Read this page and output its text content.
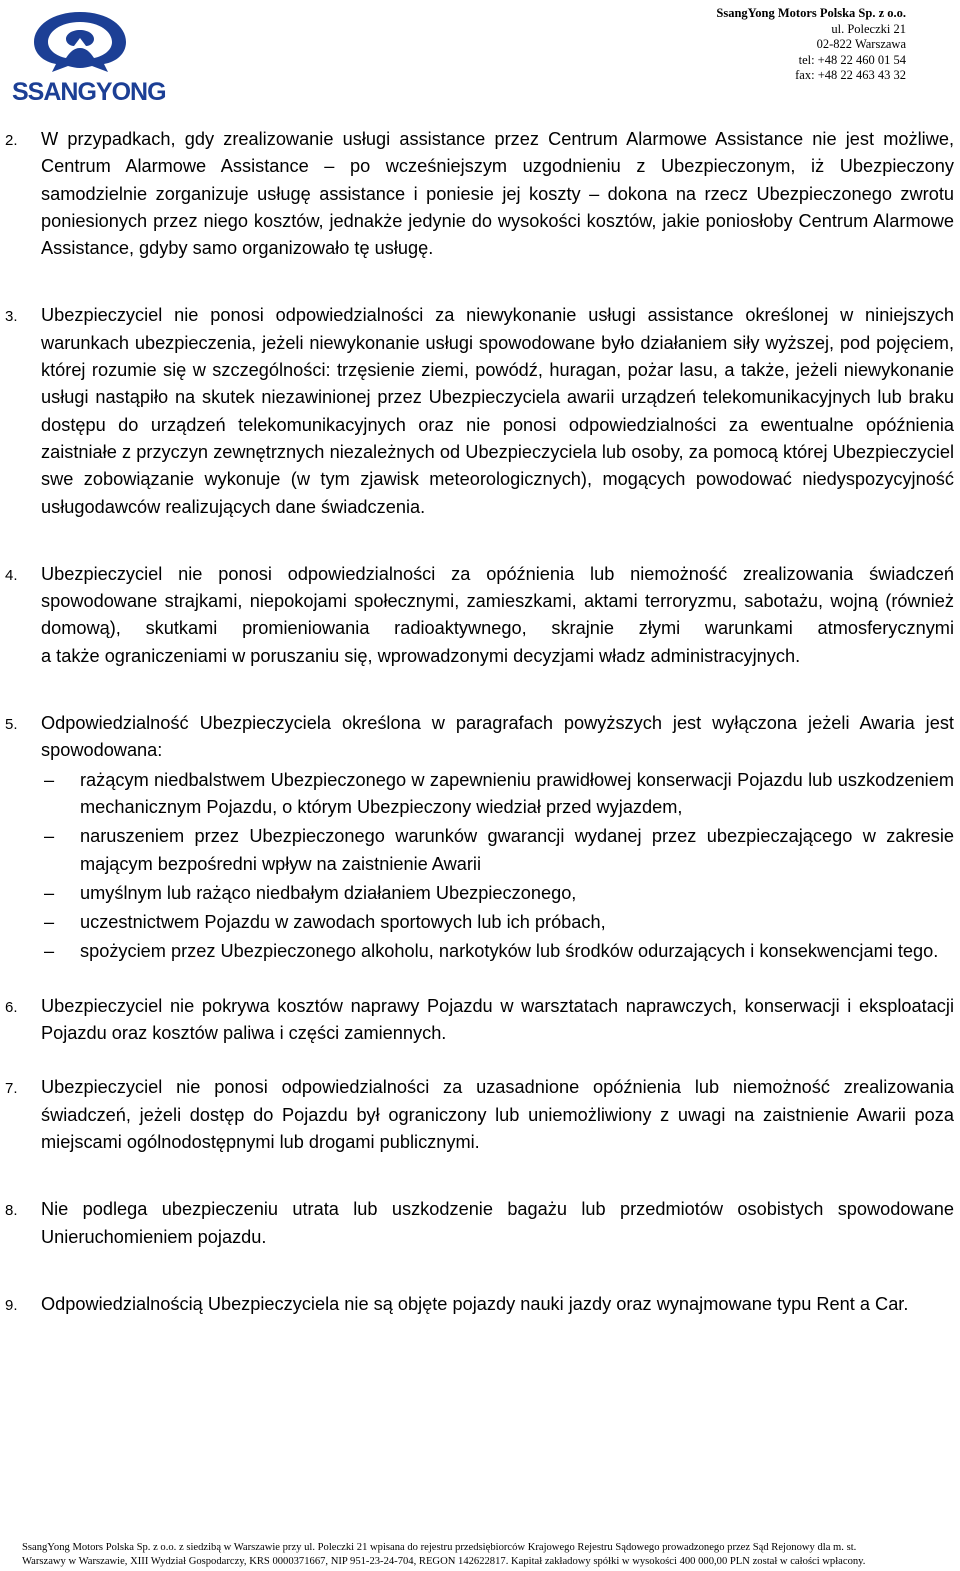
SSANGYONG
SsangYong Motors Polska Sp. z o.o.
ul. Poleczki 21
02-822 Warszawa
tel: +48 22 460 01 54
fax: +48 22 463 43 32
2. W przypadkach, gdy zrealizowanie usługi assistance przez Centrum Alarmowe Assistance nie jest możliwe, Centrum Alarmowe Assistance – po wcześniejszym uzgodnieniu z Ubezpieczonym, iż Ubezpieczony samodzielnie zorganizuje usługę assistance i poniesie jej koszty – dokona na rzecz Ubezpieczonego zwrotu poniesionych przez niego kosztów, jednakże jedynie do wysokości kosztów, jakie poniosłoby Centrum Alarmowe Assistance, gdyby samo organizowało tę usługę.

3. Ubezpieczyciel nie ponosi odpowiedzialności za niewykonanie usługi assistance określonej w niniejszych warunkach ubezpieczenia, jeżeli niewykonanie usługi spowodowane było działaniem siły wyższej, pod pojęciem, której rozumie się w szczególności: trzęsienie ziemi, powódź, huragan, pożar lasu, a także, jeżeli niewykonanie usługi nastąpiło na skutek niezawinionej przez Ubezpieczyciela awarii urządzeń telekomunikacyjnych lub braku dostępu do urządzeń telekomunikacyjnych oraz nie ponosi odpowiedzialności za ewentualne opóźnienia zaistniałe z przyczyn zewnętrznych niezależnych od Ubezpieczyciela lub osoby, za pomocą której Ubezpieczyciel swe zobowiązanie wykonuje (w tym zjawisk meteorologicznych), mogących powodować niedyspozycyjność usługodawców realizujących dane świadczenia.

4. Ubezpieczyciel nie ponosi odpowiedzialności za opóźnienia lub niemożność zrealizowania świadczeń spowodowane strajkami, niepokojami społecznymi, zamieszkami, aktami terroryzmu, sabotażu, wojną (również domową), skutkami promieniowania radioaktywnego, skrajnie złymi warunkami atmosferycznymi

a także ograniczeniami w poruszaniu się, wprowadzonymi decyzjami władz administracyjnych.

5. Odpowiedzialność Ubezpieczyciela określona w paragrafach powyższych jest wyłączona jeżeli Awaria jest spowodowana:

– rażącym niedbalstwem Ubezpieczonego w zapewnieniu prawidłowej konserwacji Pojazdu lub uszkodzeniem mechanicznym Pojazdu, o którym Ubezpieczony wiedział przed wyjazdem,
– naruszeniem przez Ubezpieczonego warunków gwarancji wydanej przez ubezpieczającego w zakresie mającym bezpośredni wpływ na zaistnienie Awarii
– umyślnym lub rażąco niedbałym działaniem Ubezpieczonego,
– uczestnictwem Pojazdu w zawodach sportowych lub ich próbach,
– spożyciem przez Ubezpieczonego alkoholu, narkotyków lub środków odurzających i konsekwencjami tego.
6. Ubezpieczyciel nie pokrywa kosztów naprawy Pojazdu w warsztatach naprawczych, konserwacji i eksploatacji Pojazdu oraz kosztów paliwa i części zamiennych.

7. Ubezpieczyciel nie ponosi odpowiedzialności za uzasadnione opóźnienia lub niemożność zrealizowania świadczeń, jeżeli dostęp do Pojazdu był ograniczony lub uniemożliwiony z uwagi na zaistnienie Awarii poza miejscami ogólnodostępnymi lub drogami publicznymi.

8. Nie podlega ubezpieczeniu utrata lub uszkodzenie bagażu lub przedmiotów osobistych spowodowane Unieruchomieniem pojazdu.

9. Odpowiedzialnością Ubezpieczyciela nie są objęte pojazdy nauki jazdy oraz wynajmowane typu Rent a Car.

SsangYong Motors Polska Sp. z o.o. z siedzibą w Warszawie przy ul. Poleczki 21 wpisana do rejestru przedsiębiorców Krajowego Rejestru Sądowego prowadzonego przez Sąd Rejonowy dla m. st.
Warszawy w Warszawie, XIII Wydział Gospodarczy, KRS 0000371667, NIP 951-23-24-704, REGON 142622817. Kapitał zakładowy spółki w wysokości 400 000,00 PLN został w całości wpłacony.
